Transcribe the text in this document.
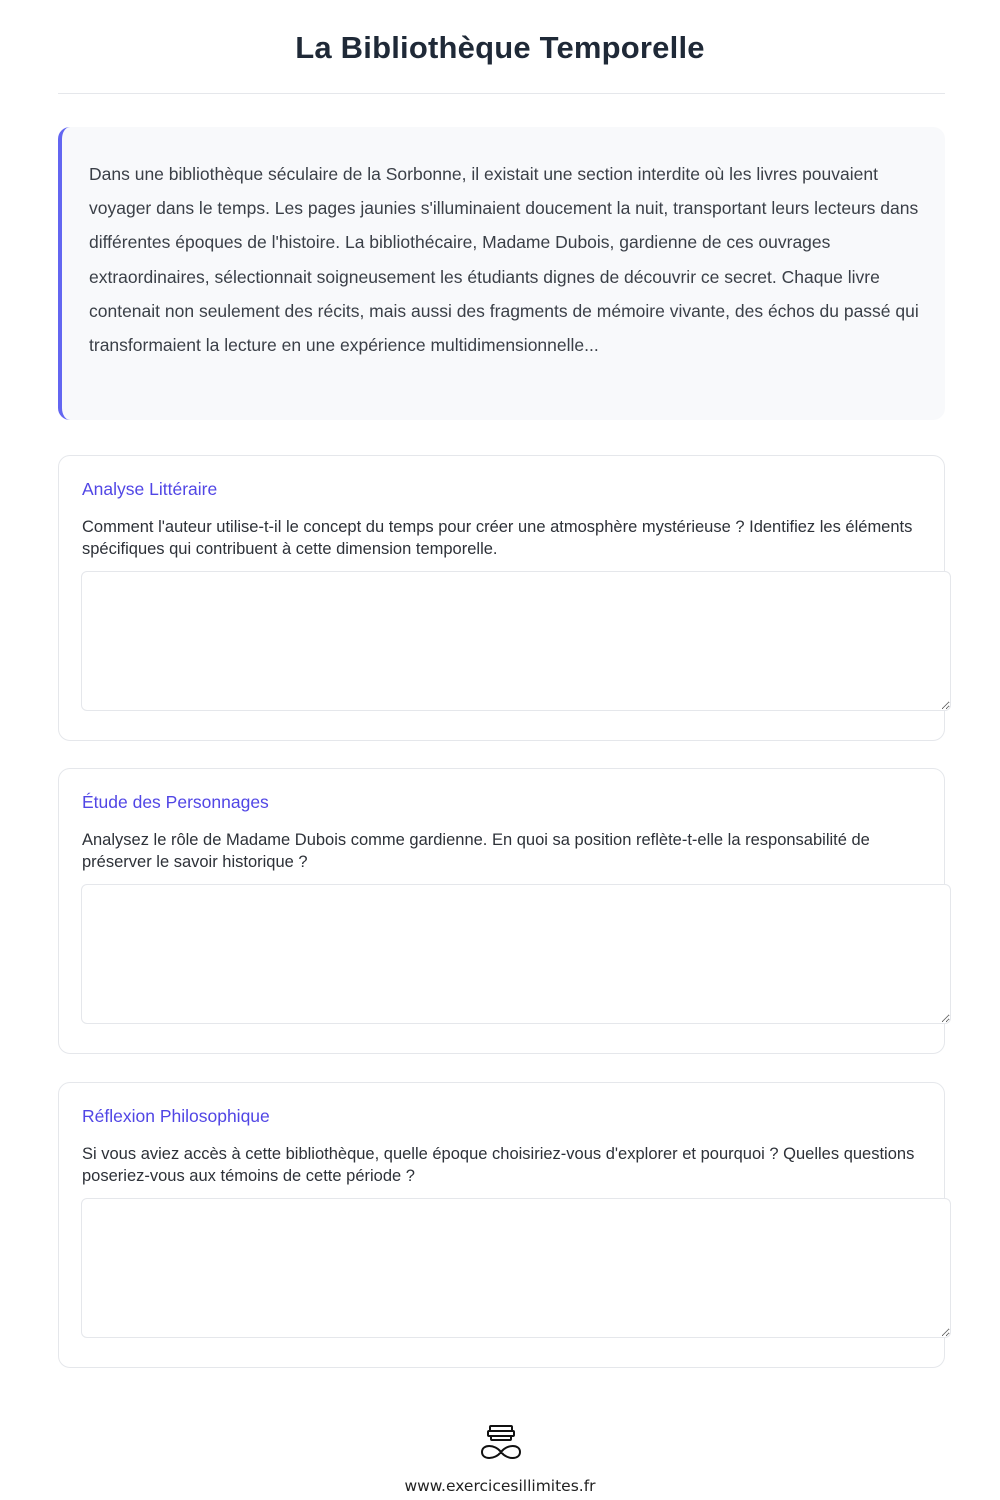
La Bibliothèque Temporelle

Dans une bibliothèque séculaire de la Sorbonne, il existait une section interdite où les livres pouvaient voyager dans le temps. Les pages jaunies s'illuminaient doucement la nuit, transportant leurs lecteurs dans différentes époques de l'histoire. La bibliothécaire, Madame Dubois, gardienne de ces ouvrages extraordinaires, sélectionnait soigneusement les étudiants dignes de découvrir ce secret. Chaque livre contenait non seulement des récits, mais aussi des fragments de mémoire vivante, des échos du passé qui transformaient la lecture en une expérience multidimensionnelle...

Analyse Littéraire
Comment l'auteur utilise-t-il le concept du temps pour créer une atmosphère mystérieuse ? Identifiez les éléments spécifiques qui contribuent à cette dimension temporelle.
Étude des Personnages
Analysez le rôle de Madame Dubois comme gardienne. En quoi sa position reflète-t-elle la responsabilité de préserver le savoir historique ?
Réflexion Philosophique
Si vous aviez accès à cette bibliothèque, quelle époque choisiriez-vous d'explorer et pourquoi ? Quelles questions poseriez-vous aux témoins de cette période ?
www.exercicesillimites.fr
